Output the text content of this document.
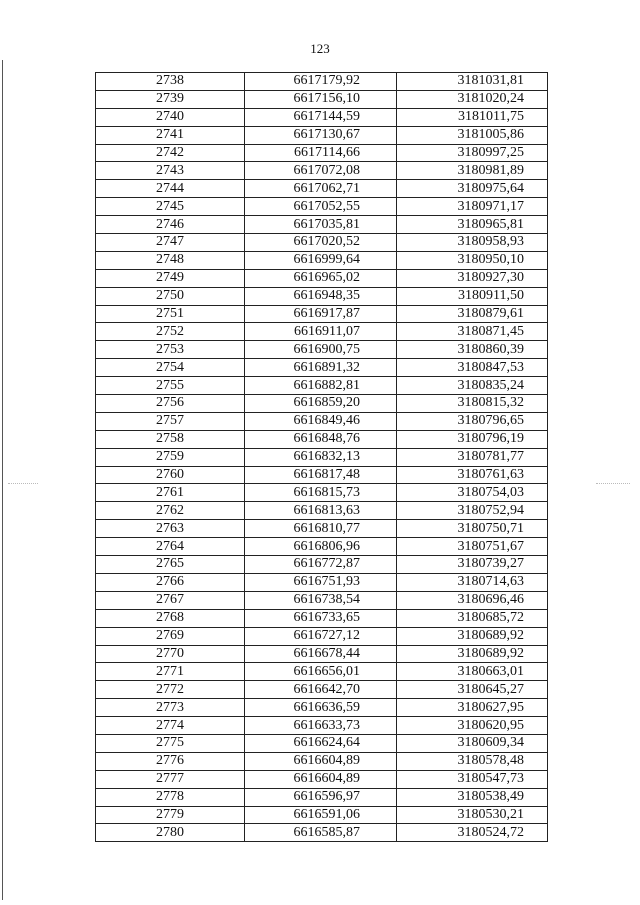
123
2738	6617179,92	3181031,81
2739	6617156,10	3181020,24
2740	6617144,59	3181011,75
2741	6617130,67	3181005,86
2742	6617114,66	3180997,25
2743	6617072,08	3180981,89
2744	6617062,71	3180975,64
2745	6617052,55	3180971,17
2746	6617035,81	3180965,81
2747	6617020,52	3180958,93
2748	6616999,64	3180950,10
2749	6616965,02	3180927,30
2750	6616948,35	3180911,50
2751	6616917,87	3180879,61
2752	6616911,07	3180871,45
2753	6616900,75	3180860,39
2754	6616891,32	3180847,53
2755	6616882,81	3180835,24
2756	6616859,20	3180815,32
2757	6616849,46	3180796,65
2758	6616848,76	3180796,19
2759	6616832,13	3180781,77
2760	6616817,48	3180761,63
2761	6616815,73	3180754,03
2762	6616813,63	3180752,94
2763	6616810,77	3180750,71
2764	6616806,96	3180751,67
2765	6616772,87	3180739,27
2766	6616751,93	3180714,63
2767	6616738,54	3180696,46
2768	6616733,65	3180685,72
2769	6616727,12	3180689,92
2770	6616678,44	3180689,92
2771	6616656,01	3180663,01
2772	6616642,70	3180645,27
2773	6616636,59	3180627,95
2774	6616633,73	3180620,95
2775	6616624,64	3180609,34
2776	6616604,89	3180578,48
2777	6616604,89	3180547,73
2778	6616596,97	3180538,49
2779	6616591,06	3180530,21
2780	6616585,87	3180524,72
